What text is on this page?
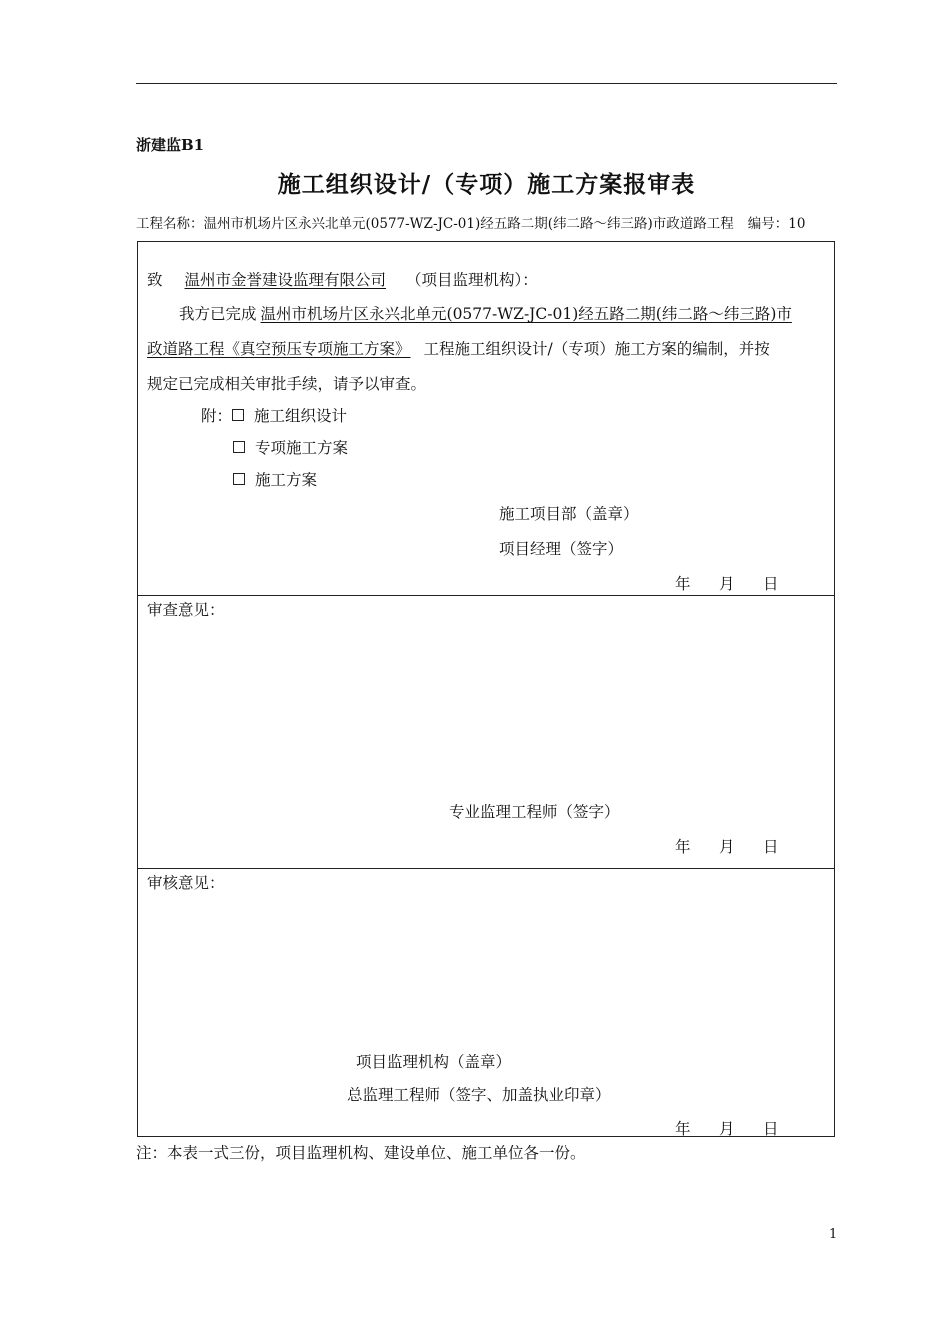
浙建监B1
施工组织设计/（专项）施工方案报审表
工程名称：温州市机场片区永兴北单元(0577-WZ-JC-01)经五路二期(纬二路～纬三路)市政道路工程 编号：10
致 温州市金誉建设监理有限公司 （项目监理机构）：
我方已完成 温州市机场片区永兴北单元(0577-WZ-JC-01)经五路二期(纬二路～纬三路)市
政道路工程《真空预压专项施工方案》 工程施工组织设计/（专项）施工方案的编制，并按
规定已完成相关审批手续，请予以审查。
附： 施工组织设计
专项施工方案
施工方案
施工项目部（盖章）
项目经理（签字）
年 月 日
审查意见：
专业监理工程师（签字）
年 月 日
审核意见：
项目监理机构（盖章）
总监理工程师（签字、加盖执业印章）
年 月 日
注：本表一式三份，项目监理机构、建设单位、施工单位各一份。
1
